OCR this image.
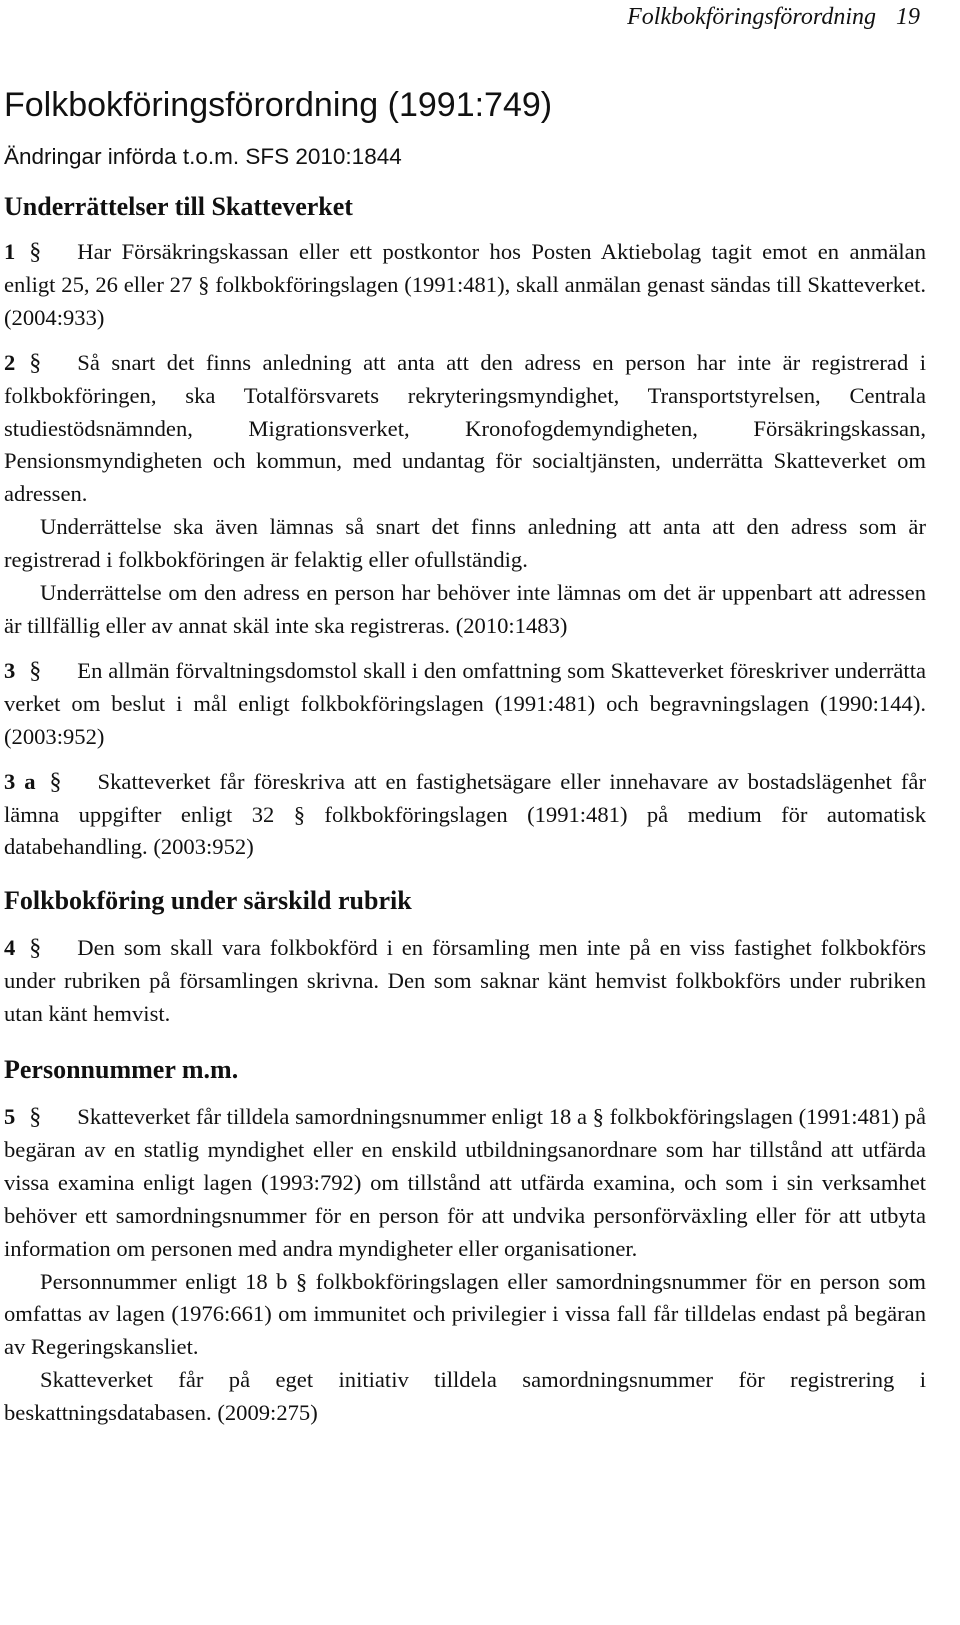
Folkbokföringsförordning 19
Folkbokföringsförordning (1991:749)

Ändringar införda t.o.m. SFS 2010:1844

Underrättelser till Skatteverket

1 § Har Försäkringskassan eller ett postkontor hos Posten Aktiebolag tagit emot en anmälan enligt 25, 26 eller 27 § folkbokföringslagen (1991:481), skall anmälan genast sändas till Skatteverket. (2004:933)

2 § Så snart det finns anledning att anta att den adress en person har inte är registrerad i folkbokföringen, ska Totalförsvarets rekryteringsmyndighet, Transportstyrelsen, Centrala studiestödsnämnden, Migrationsverket, Kronofogdemyndigheten, Försäkringskassan, Pensionsmyndigheten och kommun, med undantag för socialtjänsten, underrätta Skatteverket om adressen.

Underrättelse ska även lämnas så snart det finns anledning att anta att den adress som är registrerad i folkbokföringen är felaktig eller ofullständig.

Underrättelse om den adress en person har behöver inte lämnas om det är uppenbart att adressen är tillfällig eller av annat skäl inte ska registreras. (2010:1483)

3 § En allmän förvaltningsdomstol skall i den omfattning som Skatteverket föreskriver underrätta verket om beslut i mål enligt folkbokföringslagen (1991:481) och begravningslagen (1990:144). (2003:952)

3 a § Skatteverket får föreskriva att en fastighetsägare eller innehavare av bostadslägenhet får lämna uppgifter enligt 32 § folkbokföringslagen (1991:481) på medium för automatisk databehandling. (2003:952)

Folkbokföring under särskild rubrik

4 § Den som skall vara folkbokförd i en församling men inte på en viss fastighet folkbokförs under rubriken på församlingen skrivna. Den som saknar känt hemvist folkbokförs under rubriken utan känt hemvist.

Personnummer m.m.

5 § Skatteverket får tilldela samordningsnummer enligt 18 a § folkbokföringslagen (1991:481) på begäran av en statlig myndighet eller en enskild utbildningsanordnare som har tillstånd att utfärda vissa examina enligt lagen (1993:792) om tillstånd att utfärda examina, och som i sin verksamhet behöver ett samordningsnummer för en person för att undvika personförväxling eller för att utbyta information om personen med andra myndigheter eller organisationer.

Personnummer enligt 18 b § folkbokföringslagen eller samordningsnummer för en person som omfattas av lagen (1976:661) om immunitet och privilegier i vissa fall får tilldelas endast på begäran av Regeringskansliet.

Skatteverket får på eget initiativ tilldela samordningsnummer för registrering i beskattningsdatabasen. (2009:275)
